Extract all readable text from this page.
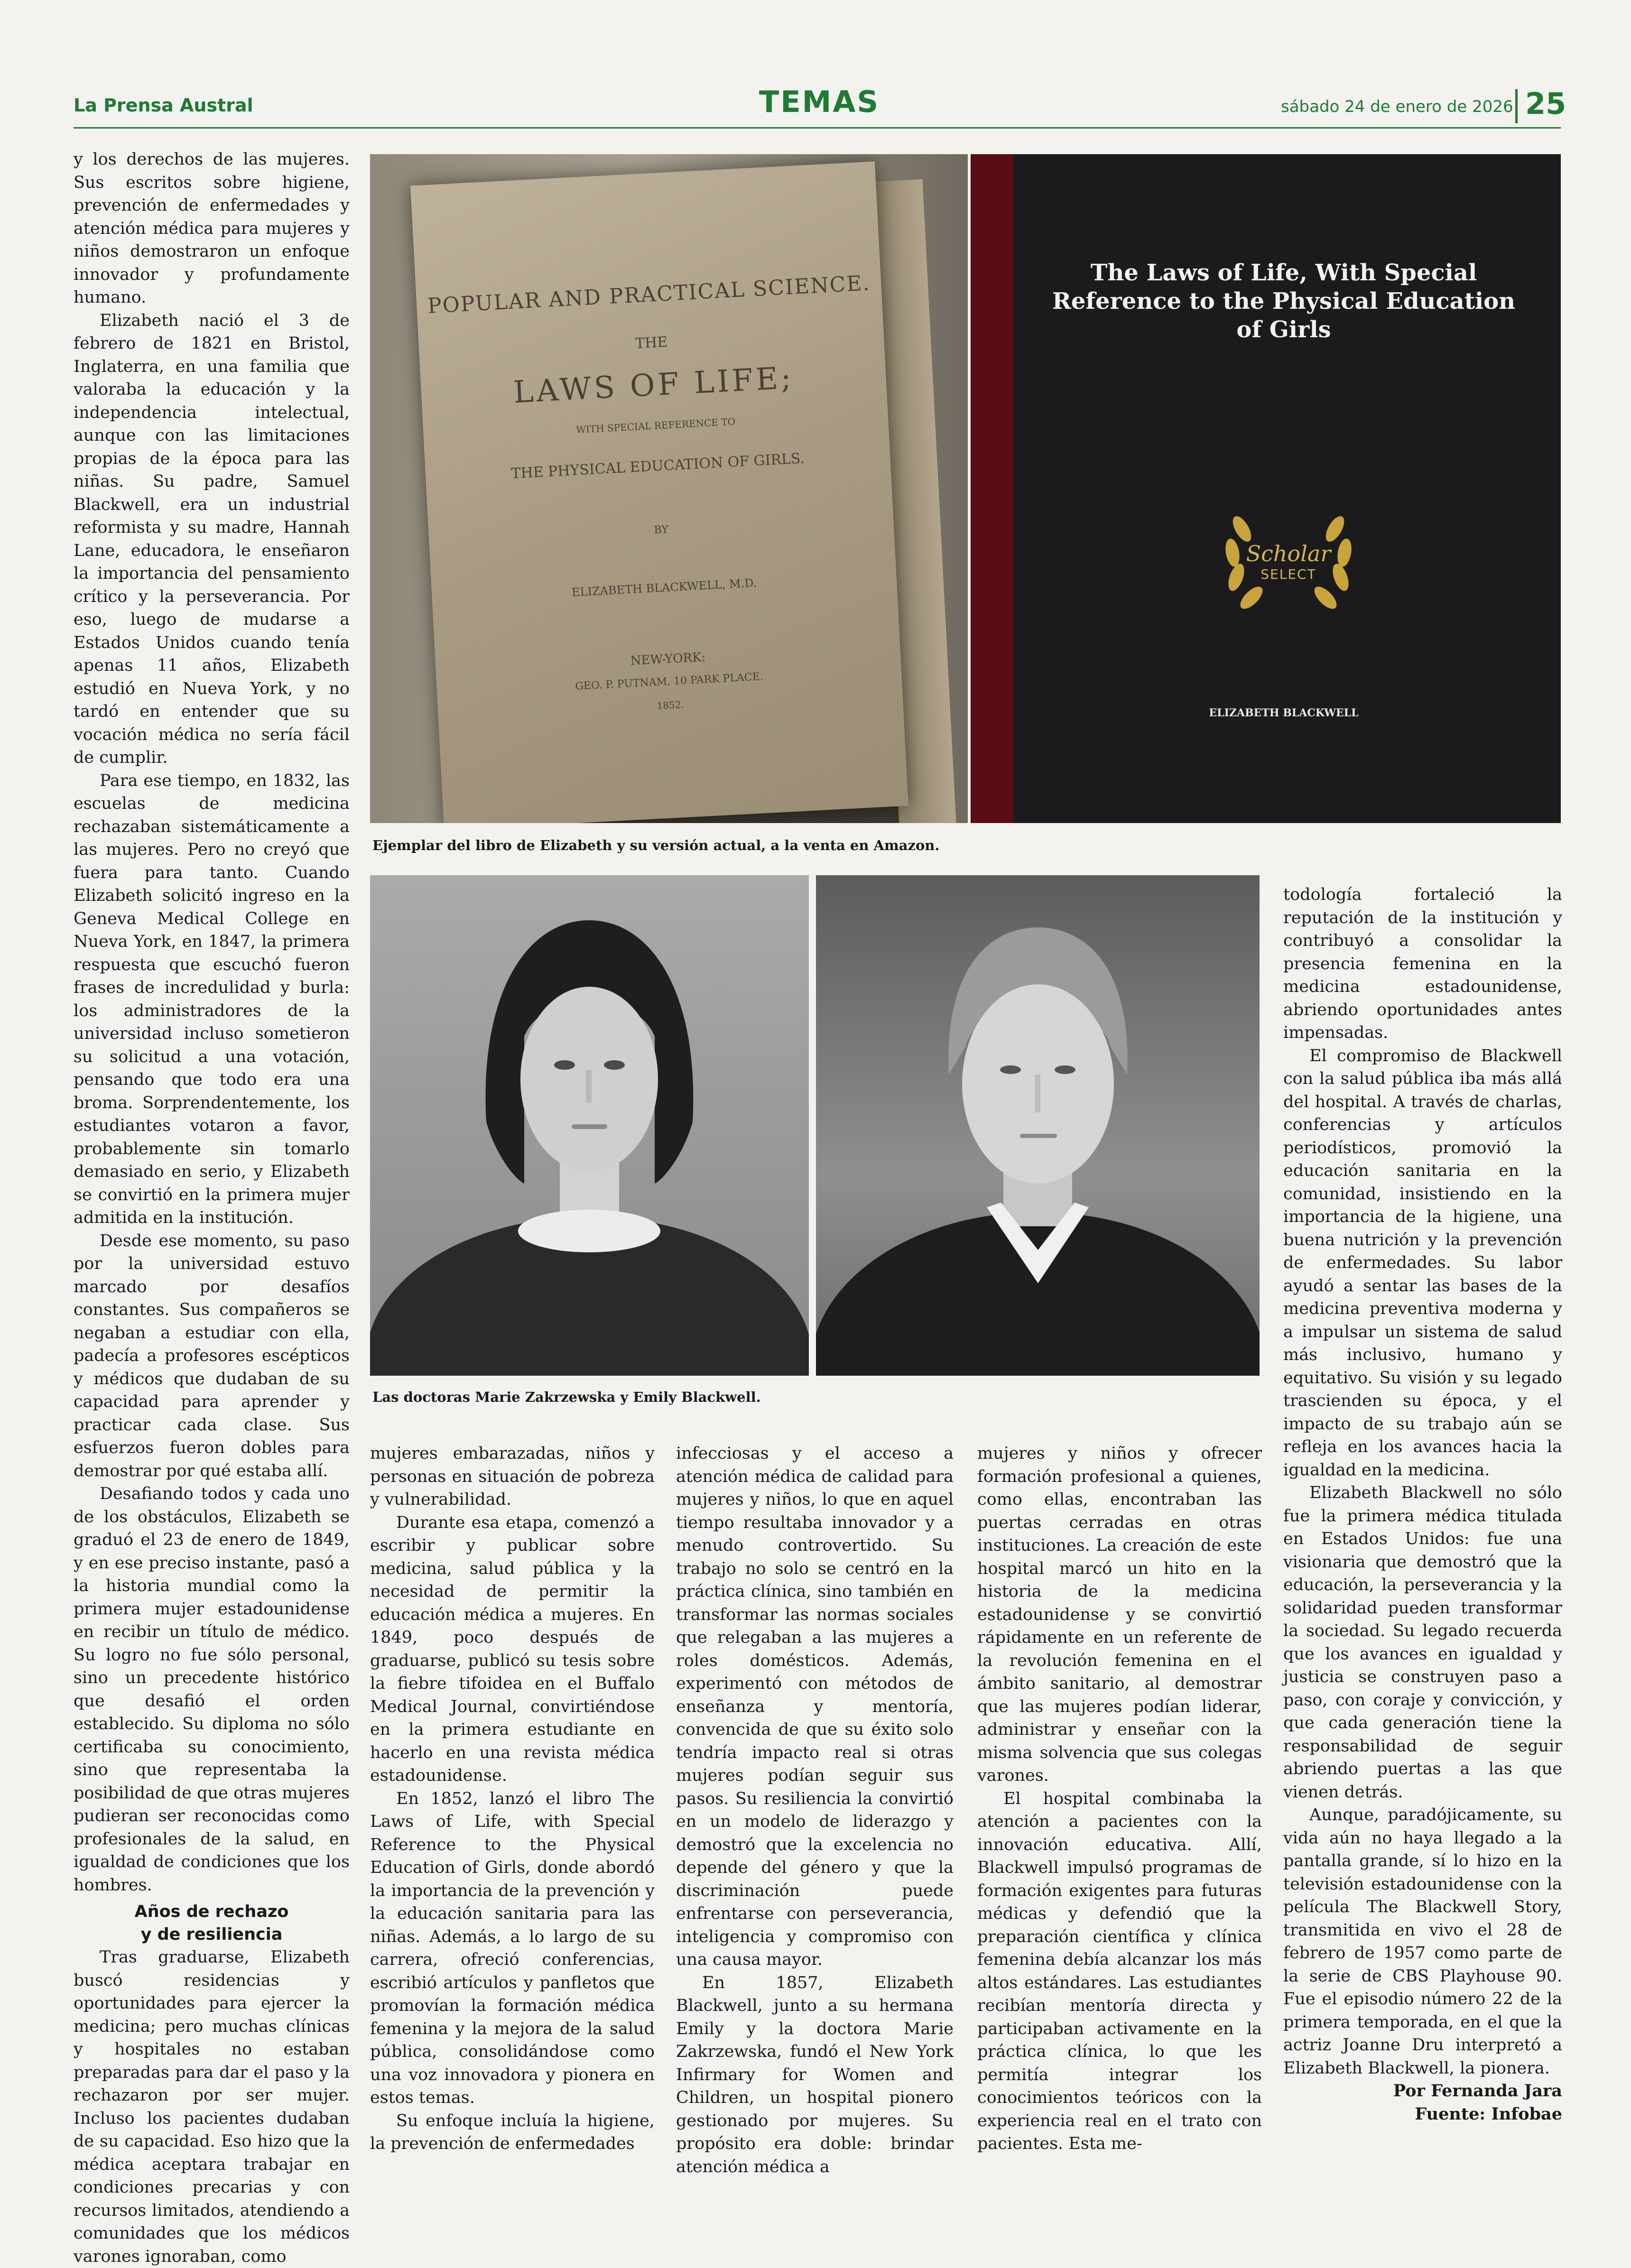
La Prensa Austral	TEMAS	sábado 24 de enero de 2026 25

y los derechos de las mujeres. Sus escritos sobre higiene, prevención de enfermedades y atención médica para mujeres y niños demostraron un enfoque innovador y profundamente humano.

Elizabeth nació el 3 de febrero de 1821 en Bristol, Inglaterra, en una familia que valoraba la educación y la independencia intelectual, aunque con las limitaciones propias de la época para las niñas. Su padre, Samuel Blackwell, era un industrial reformista y su madre, Hannah Lane, educadora, le enseñaron la importancia del pensamiento crítico y la perseverancia. Por eso, luego de mudarse a Estados Unidos cuando tenía apenas 11 años, Elizabeth estudió en Nueva York, y no tardó en entender que su vocación médica no sería fácil de cumplir.

Para ese tiempo, en 1832, las escuelas de medicina rechazaban sistemáticamente a las mujeres. Pero no creyó que fuera para tanto. Cuando Elizabeth solicitó ingreso en la Geneva Medical College en Nueva York, en 1847, la primera respuesta que escuchó fueron frases de incredulidad y burla: los administradores de la universidad incluso sometieron su solicitud a una votación, pensando que todo era una broma. Sorprendentemente, los estudiantes votaron a favor, probablemente sin tomarlo demasiado en serio, y Elizabeth se convirtió en la primera mujer admitida en la institución.

Desde ese momento, su paso por la universidad estuvo marcado por desafíos constantes. Sus compañeros se negaban a estudiar con ella, padecía a profesores escépticos y médicos que dudaban de su capacidad para aprender y practicar cada clase. Sus esfuerzos fueron dobles para demostrar por qué estaba allí.

Desafiando todos y cada uno de los obstáculos, Elizabeth se graduó el 23 de enero de 1849, y en ese preciso instante, pasó a la historia mundial como la primera mujer estadounidense en recibir un título de médico. Su logro no fue sólo personal, sino un precedente histórico que desafió el orden establecido. Su diploma no sólo certificaba su conocimiento, sino que representaba la posibilidad de que otras mujeres pudieran ser reconocidas como profesionales de la salud, en igualdad de condiciones que los hombres.

Años de rechazo
y de resiliencia

Tras graduarse, Elizabeth buscó residencias y oportunidades para ejercer la medicina; pero muchas clínicas y hospitales no estaban preparadas para dar el paso y la rechazaron por ser mujer. Incluso los pacientes dudaban de su capacidad. Eso hizo que la médica aceptara trabajar en condiciones precarias y con recursos limitados, atendiendo a comunidades que los médicos varones ignoraban, como

POPULAR AND PRACTICAL SCIENCE.
THE
LAWS OF LIFE;
WITH SPECIAL REFERENCE TO
THE PHYSICAL EDUCATION OF GIRLS.
BY
ELIZABETH BLACKWELL, M.D.
NEW-YORK:
GEO. P. PUTNAM, 10 PARK PLACE.
1852.
The Laws of Life, With Special Reference to the Physical Education of Girls
Scholar
SELECT
ELIZABETH BLACKWELL
Ejemplar del libro de Elizabeth y su versión actual, a la venta en Amazon.
Las doctoras Marie Zakrzewska y Emily Blackwell.

mujeres embarazadas, niños y personas en situación de pobreza y vulnerabilidad.

Durante esa etapa, comenzó a escribir y publicar sobre medicina, salud pública y la necesidad de permitir la educación médica a mujeres. En 1849, poco después de graduarse, publicó su tesis sobre la fiebre tifoidea en el Buffalo Medical Journal, convirtiéndose en la primera estudiante en hacerlo en una revista médica estadounidense.

En 1852, lanzó el libro The Laws of Life, with Special Reference to the Physical Education of Girls, donde abordó la importancia de la prevención y la educación sanitaria para las niñas. Además, a lo largo de su carrera, ofreció conferencias, escribió artículos y panfletos que promovían la formación médica femenina y la mejora de la salud pública, consolidándose como una voz innovadora y pionera en estos temas.

Su enfoque incluía la higiene, la prevención de enfermedades

infecciosas y el acceso a atención médica de calidad para mujeres y niños, lo que en aquel tiempo resultaba innovador y a menudo controvertido. Su trabajo no solo se centró en la práctica clínica, sino también en transformar las normas sociales que relegaban a las mujeres a roles domésticos. Además, experimentó con métodos de enseñanza y mentoría, convencida de que su éxito solo tendría impacto real si otras mujeres podían seguir sus pasos. Su resiliencia la convirtió en un modelo de liderazgo y demostró que la excelencia no depende del género y que la discriminación puede enfrentarse con perseverancia, inteligencia y compromiso con una causa mayor.

En 1857, Elizabeth Blackwell, junto a su hermana Emily y la doctora Marie Zakrzewska, fundó el New York Infirmary for Women and Children, un hospital pionero gestionado por mujeres. Su propósito era doble: brindar atención médica a

mujeres y niños y ofrecer formación profesional a quienes, como ellas, encontraban las puertas cerradas en otras instituciones. La creación de este hospital marcó un hito en la historia de la medicina estadounidense y se convirtió rápidamente en un referente de la revolución femenina en el ámbito sanitario, al demostrar que las mujeres podían liderar, administrar y enseñar con la misma solvencia que sus colegas varones.

El hospital combinaba la atención a pacientes con la innovación educativa. Allí, Blackwell impulsó programas de formación exigentes para futuras médicas y defendió que la preparación científica y clínica femenina debía alcanzar los más altos estándares. Las estudiantes recibían mentoría directa y participaban activamente en la práctica clínica, lo que les permitía integrar los conocimientos teóricos con la experiencia real en el trato con pacientes. Esta me-

todología fortaleció la reputación de la institución y contribuyó a consolidar la presencia femenina en la medicina estadounidense, abriendo oportunidades antes impensadas.

El compromiso de Blackwell con la salud pública iba más allá del hospital. A través de charlas, conferencias y artículos periodísticos, promovió la educación sanitaria en la comunidad, insistiendo en la importancia de la higiene, una buena nutrición y la prevención de enfermedades. Su labor ayudó a sentar las bases de la medicina preventiva moderna y a impulsar un sistema de salud más inclusivo, humano y equitativo. Su visión y su legado trascienden su época, y el impacto de su trabajo aún se refleja en los avances hacia la igualdad en la medicina.

Elizabeth Blackwell no sólo fue la primera médica titulada en Estados Unidos: fue una visionaria que demostró que la educación, la perseverancia y la solidaridad pueden transformar la sociedad. Su legado recuerda que los avances en igualdad y justicia se construyen paso a paso, con coraje y convicción, y que cada generación tiene la responsabilidad de seguir abriendo puertas a las que vienen detrás.

Aunque, paradójicamente, su vida aún no haya llegado a la pantalla grande, sí lo hizo en la televisión estadounidense con la película The Blackwell Story, transmitida en vivo el 28 de febrero de 1957 como parte de la serie de CBS Playhouse 90. Fue el episodio número 22 de la primera temporada, en el que la actriz Joanne Dru interpretó a Elizabeth Blackwell, la pionera.

Por Fernanda Jara

Fuente: Infobae
